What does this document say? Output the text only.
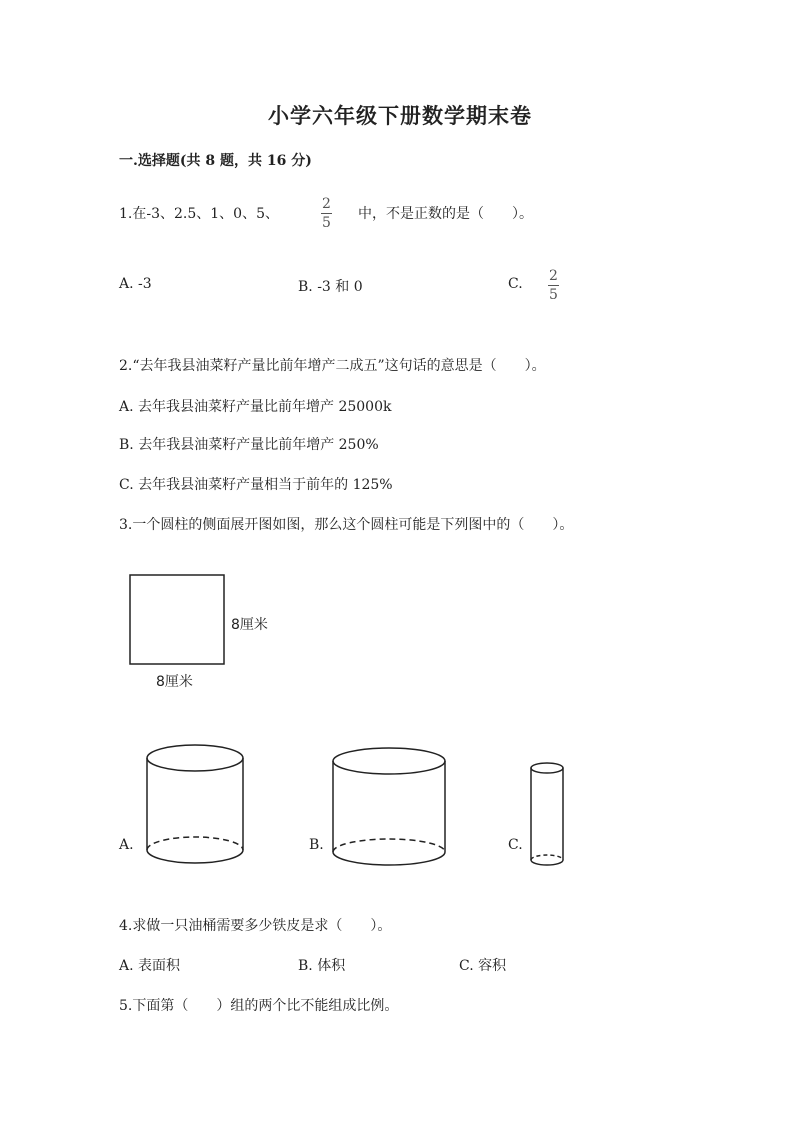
小学六年级下册数学期末卷
一.选择题(共 8 题，共 16 分)
1.在-3、2.5、1、0、5、
2
5
中，不是正数的是（　　）。
A. -3	B. -3 和 0	C. 2
5
2.“去年我县油菜籽产量比前年增产二成五”这句话的意思是（　　）。
A. 去年我县油菜籽产量比前年增产 25000k
B. 去年我县油菜籽产量比前年增产 250%
C. 去年我县油菜籽产量相当于前年的 125%
3.一个圆柱的侧面展开图如图，那么这个圆柱可能是下列图中的（　　）。
8厘米
8厘米
A.	B.	C.
4.求做一只油桶需要多少铁皮是求（　　）。
A. 表面积	B. 体积	C. 容积
5.下面第（　　）组的两个比不能组成比例。
